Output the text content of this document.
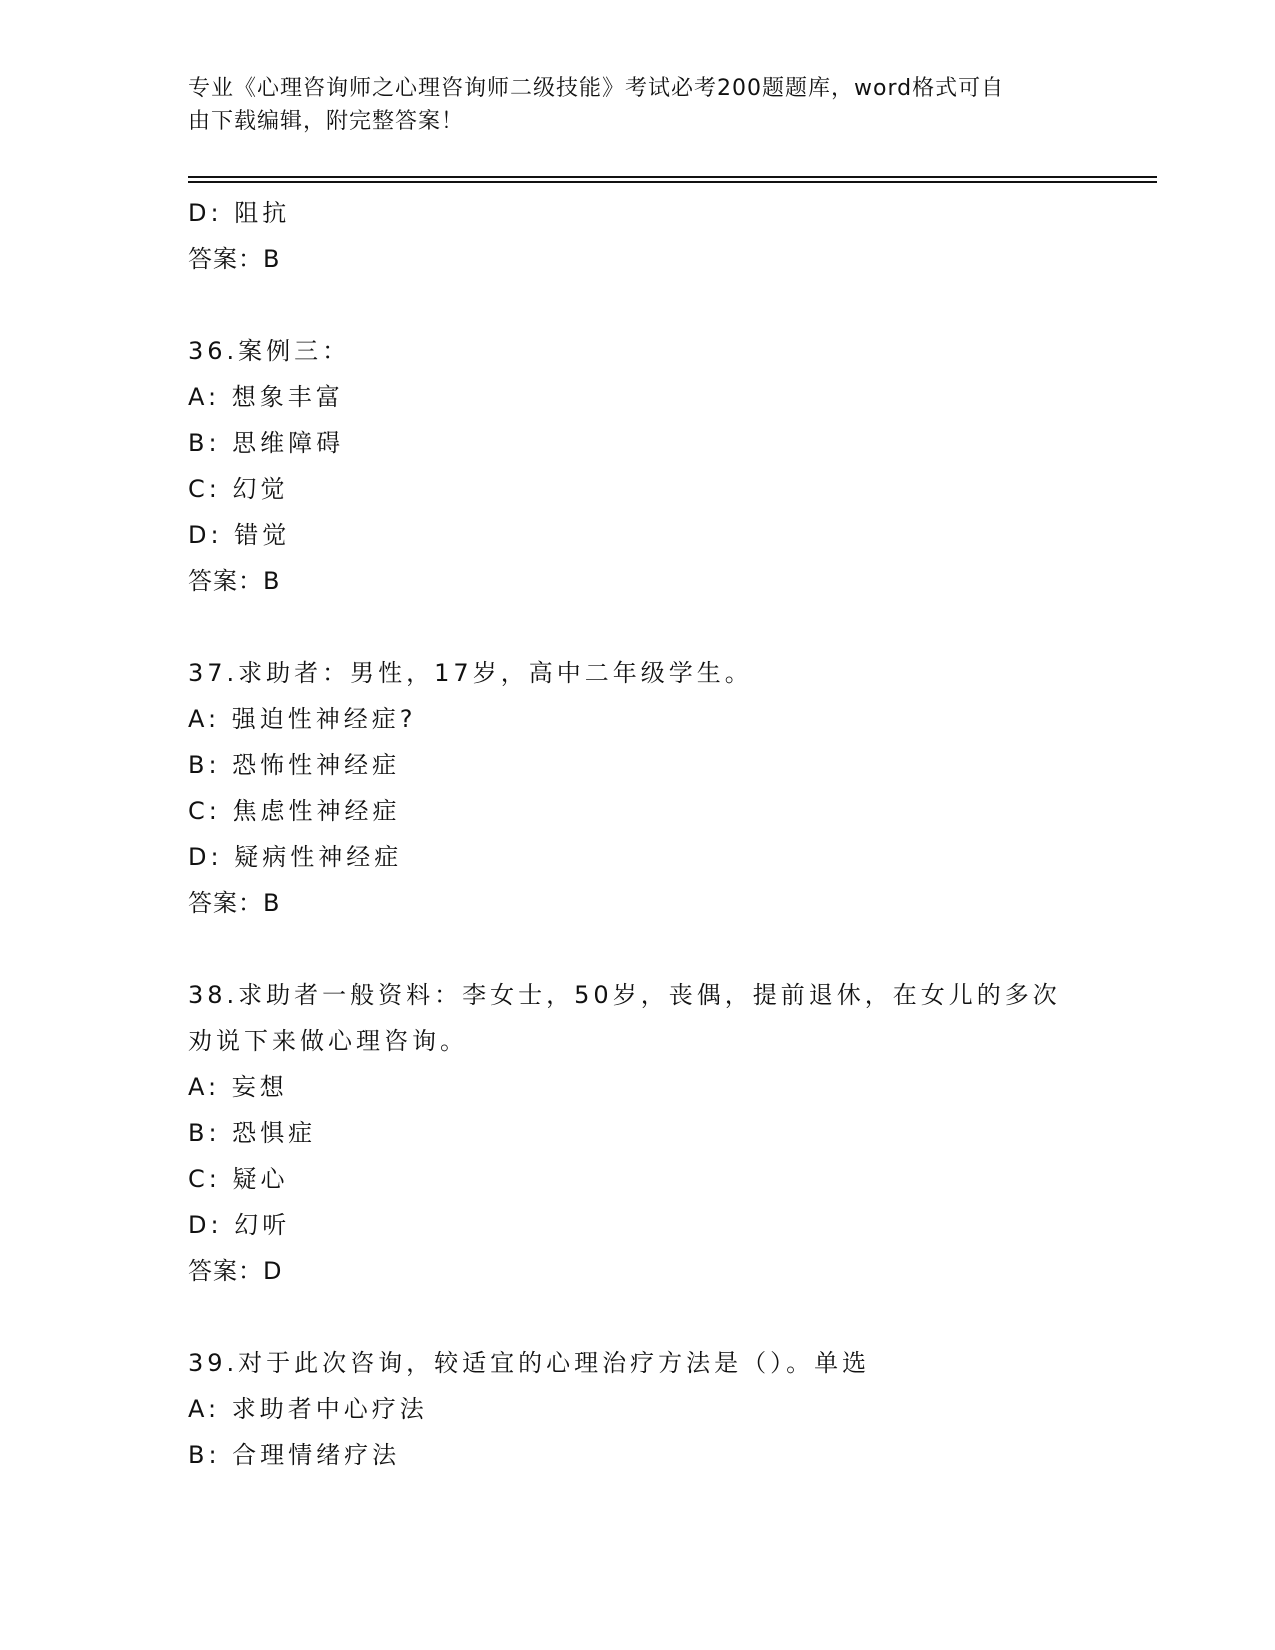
专业《心理咨询师之心理咨询师二级技能》考试必考200题题库，word格式可自
由下载编辑，附完整答案！
D: 阻抗
答案：B
36.案例三：
A: 想象丰富
B: 思维障碍
C: 幻觉
D: 错觉
答案：B
37.求助者：男性，17岁，高中二年级学生。
A: 强迫性神经症?
B: 恐怖性神经症
C: 焦虑性神经症
D: 疑病性神经症
答案：B
38.求助者一般资料：李女士，50岁，丧偶，提前退休，在女儿的多次
劝说下来做心理咨询。
A: 妄想
B: 恐惧症
C: 疑心
D: 幻听
答案：D
39.对于此次咨询，较适宜的心理治疗方法是（）。单选
A: 求助者中心疗法
B: 合理情绪疗法
